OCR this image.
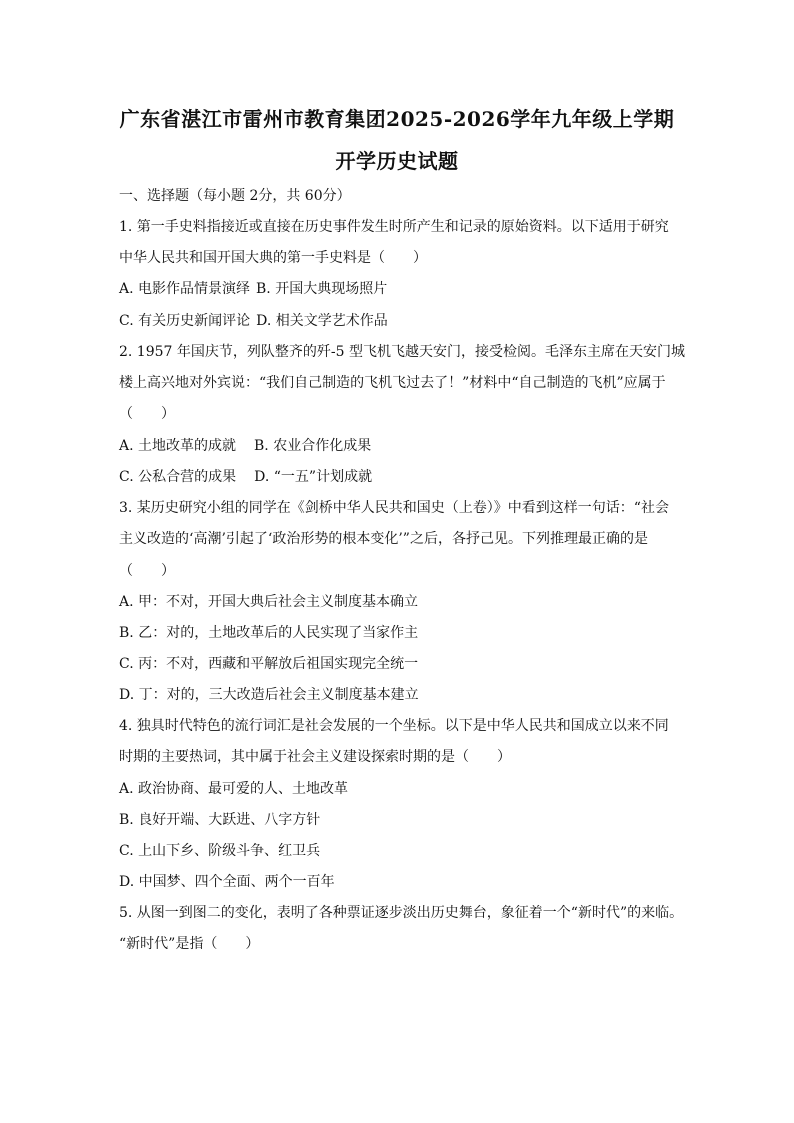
广东省湛江市雷州市教育集团2025-2026学年九年级上学期
开学历史试题
一、选择题（每小题 2分，共 60分）
1. 第一手史料指接近或直接在历史事件发生时所产生和记录的原始资料。以下适用于研究
中华人民共和国开国大典的第一手史料是（　　）
A. 电影作品情景演绎 B. 开国大典现场照片
C. 有关历史新闻评论 D. 相关文学艺术作品
2. 1957 年国庆节，列队整齐的歼-5 型飞机飞越天安门，接受检阅。毛泽东主席在天安门城
楼上高兴地对外宾说：“我们自己制造的飞机飞过去了！”材料中“自己制造的飞机”应属于
（　　）
A. 土地改革的成就 B. 农业合作化成果
C. 公私合营的成果 D. “一五”计划成就
3. 某历史研究小组的同学在《剑桥中华人民共和国史（上卷）》中看到这样一句话：“社会
主义改造的‘高潮’引起了‘政治形势的根本变化’”之后，各抒己见。下列推理最正确的是
（　　）
A. 甲：不对，开国大典后社会主义制度基本确立
B. 乙：对的，土地改革后的人民实现了当家作主
C. 丙：不对，西藏和平解放后祖国实现完全统一
D. 丁：对的，三大改造后社会主义制度基本建立
4. 独具时代特色的流行词汇是社会发展的一个坐标。以下是中华人民共和国成立以来不同
时期的主要热词，其中属于社会主义建设探索时期的是（　　）
A. 政治协商、最可爱的人、土地改革
B. 良好开端、大跃进、八字方针
C. 上山下乡、阶级斗争、红卫兵
D. 中国梦、四个全面、两个一百年
5. 从图一到图二的变化，表明了各种票证逐步淡出历史舞台，象征着一个“新时代”的来临。
“新时代”是指（　　）
